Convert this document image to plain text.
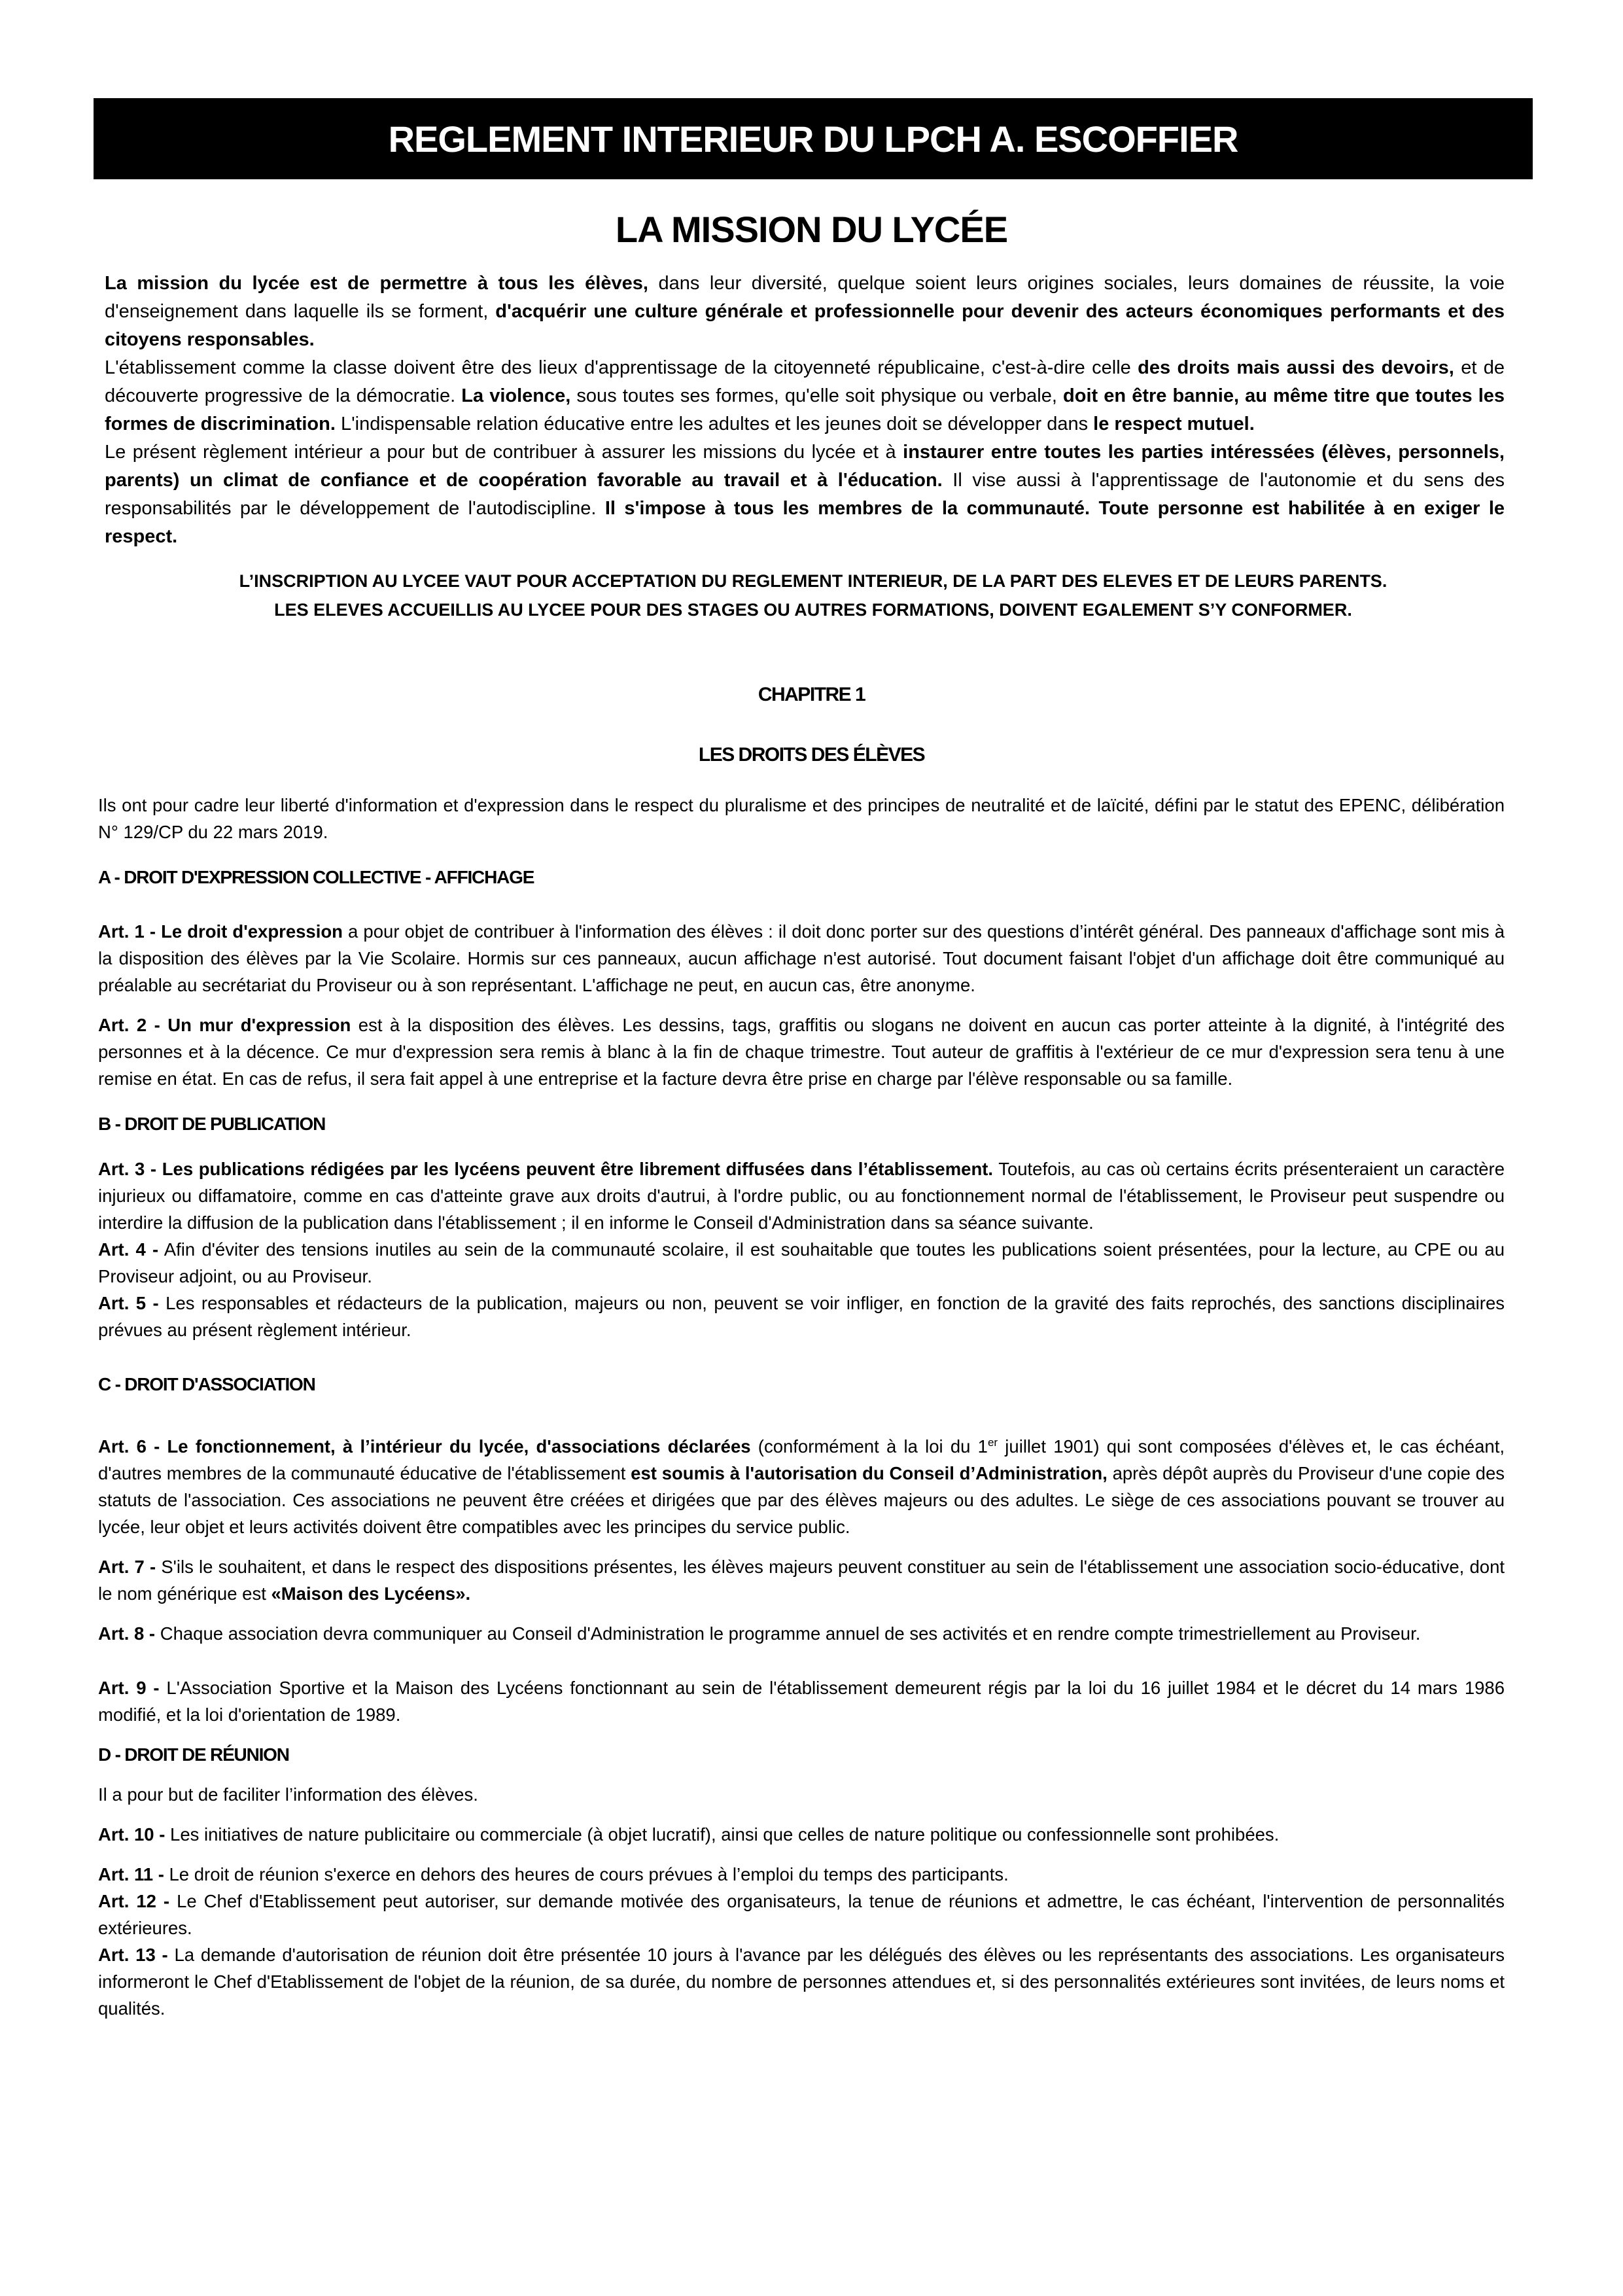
REGLEMENT INTERIEUR DU LPCH A. ESCOFFIER
LA MISSION DU LYCÉE

La mission du lycée est de permettre à tous les élèves, dans leur diversité, quelque soient leurs origines sociales, leurs domaines de réussite, la voie d'enseignement dans laquelle ils se forment, d'acquérir une culture générale et professionnelle pour devenir des acteurs économiques performants et des citoyens responsables.

L'établissement comme la classe doivent être des lieux d'apprentissage de la citoyenneté républicaine, c'est-à-dire celle des droits mais aussi des devoirs, et de découverte progressive de la démocratie. La violence, sous toutes ses formes, qu'elle soit physique ou verbale, doit en être bannie, au même titre que toutes les formes de discrimination. L'indispensable relation éducative entre les adultes et les jeunes doit se développer dans le respect mutuel.

Le présent règlement intérieur a pour but de contribuer à assurer les missions du lycée et à instaurer entre toutes les parties intéressées (élèves, personnels, parents) un climat de confiance et de coopération favorable au travail et à l'éducation. Il vise aussi à l'apprentissage de l'autonomie et du sens des responsabilités par le développement de l'autodiscipline. Il s'impose à tous les membres de la communauté. Toute personne est habilitée à en exiger le respect.

L’INSCRIPTION AU LYCEE VAUT POUR ACCEPTATION DU REGLEMENT INTERIEUR, DE LA PART DES ELEVES ET DE LEURS PARENTS.
LES ELEVES ACCUEILLIS AU LYCEE POUR DES STAGES OU AUTRES FORMATIONS, DOIVENT EGALEMENT S’Y CONFORMER.
CHAPITRE 1
LES DROITS DES ÉLÈVES

Ils ont pour cadre leur liberté d'information et d'expression dans le respect du pluralisme et des principes de neutralité et de laïcité, défini par le statut des EPENC, délibération N° 129/CP du 22 mars 2019.

A - DROIT D'EXPRESSION COLLECTIVE - AFFICHAGE

Art. 1 - Le droit d'expression a pour objet de contribuer à l'information des élèves : il doit donc porter sur des questions d’intérêt général. Des panneaux d'affichage sont mis à la disposition des élèves par la Vie Scolaire. Hormis sur ces panneaux, aucun affichage n'est autorisé. Tout document faisant l'objet d'un affichage doit être communiqué au préalable au secrétariat du Proviseur ou à son représentant. L'affichage ne peut, en aucun cas, être anonyme.

Art. 2 - Un mur d'expression est à la disposition des élèves. Les dessins, tags, graffitis ou slogans ne doivent en aucun cas porter atteinte à la dignité, à l'intégrité des personnes et à la décence. Ce mur d'expression sera remis à blanc à la fin de chaque trimestre. Tout auteur de graffitis à l'extérieur de ce mur d'expression sera tenu à une remise en état. En cas de refus, il sera fait appel à une entreprise et la facture devra être prise en charge par l'élève responsable ou sa famille.

B - DROIT DE PUBLICATION

Art. 3 - Les publications rédigées par les lycéens peuvent être librement diffusées dans l’établissement. Toutefois, au cas où certains écrits présenteraient un caractère injurieux ou diffamatoire, comme en cas d'atteinte grave aux droits d'autrui, à l'ordre public, ou au fonctionnement normal de l'établissement, le Proviseur peut suspendre ou interdire la diffusion de la publication dans l'établissement ; il en informe le Conseil d'Administration dans sa séance suivante.

Art. 4 - Afin d'éviter des tensions inutiles au sein de la communauté scolaire, il est souhaitable que toutes les publications soient présentées, pour la lecture, au CPE ou au Proviseur adjoint, ou au Proviseur.

Art. 5 - Les responsables et rédacteurs de la publication, majeurs ou non, peuvent se voir infliger, en fonction de la gravité des faits reprochés, des sanctions disciplinaires prévues au présent règlement intérieur.

C - DROIT D'ASSOCIATION

Art. 6 - Le fonctionnement, à l’intérieur du lycée, d'associations déclarées (conformément à la loi du 1er juillet 1901) qui sont composées d'élèves et, le cas échéant, d'autres membres de la communauté éducative de l'établissement est soumis à l'autorisation du Conseil d’Administration, après dépôt auprès du Proviseur d'une copie des statuts de l'association. Ces associations ne peuvent être créées et dirigées que par des élèves majeurs ou des adultes. Le siège de ces associations pouvant se trouver au lycée, leur objet et leurs activités doivent être compatibles avec les principes du service public.

Art. 7 - S'ils le souhaitent, et dans le respect des dispositions présentes, les élèves majeurs peuvent constituer au sein de l'établissement une association socio-éducative, dont le nom générique est «Maison des Lycéens».

Art. 8 - Chaque association devra communiquer au Conseil d'Administration le programme annuel de ses activités et en rendre compte trimestriellement au Proviseur.

Art. 9 - L'Association Sportive et la Maison des Lycéens fonctionnant au sein de l'établissement demeurent régis par la loi du 16 juillet 1984 et le décret du 14 mars 1986 modifié, et la loi d'orientation de 1989.

D - DROIT DE RÉUNION

Il a pour but de faciliter l’information des élèves.

Art. 10 - Les initiatives de nature publicitaire ou commerciale (à objet lucratif), ainsi que celles de nature politique ou confessionnelle sont prohibées.

Art. 11 - Le droit de réunion s'exerce en dehors des heures de cours prévues à l’emploi du temps des participants.

Art. 12 - Le Chef d'Etablissement peut autoriser, sur demande motivée des organisateurs, la tenue de réunions et admettre, le cas échéant, l'intervention de personnalités extérieures.

Art. 13 - La demande d'autorisation de réunion doit être présentée 10 jours à l'avance par les délégués des élèves ou les représentants des associations. Les organisateurs informeront le Chef d'Etablissement de l'objet de la réunion, de sa durée, du nombre de personnes attendues et, si des personnalités extérieures sont invitées, de leurs noms et qualités.
